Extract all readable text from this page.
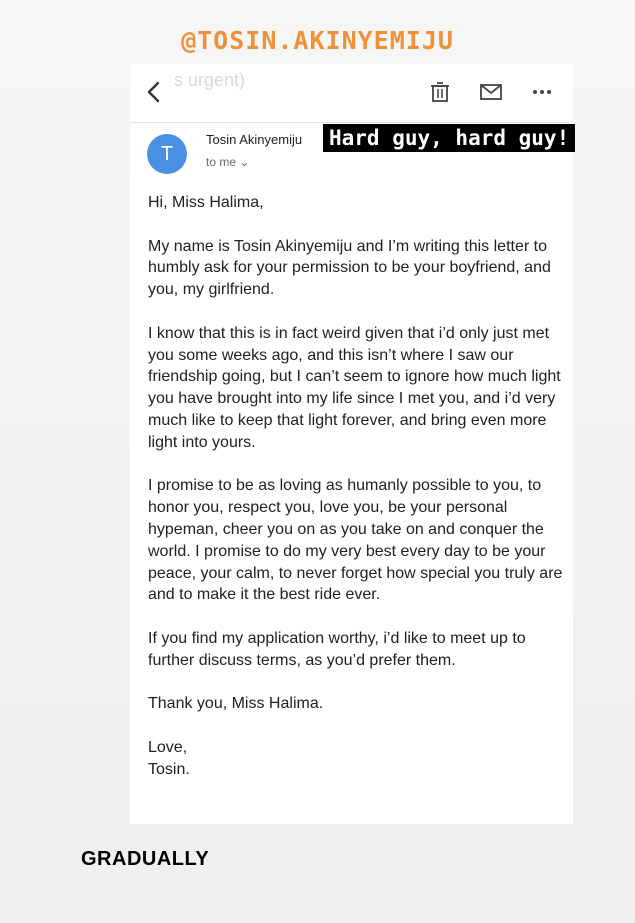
@TOSIN.AKINYEMIJU
s urgent)
T
Tosin Akinyemiju
to me ⌄

Hi, Miss Halima,

My name is Tosin Akinyemiju and I’m writing this letter to humbly ask for your permission to be your boyfriend, and you, my girlfriend.

I know that this is in fact weird given that i’d only just met you some weeks ago, and this isn’t where I saw our friendship going, but I can’t seem to ignore how much light you have brought into my life since I met you, and i’d very much like to keep that light forever, and bring even more light into yours.

I promise to be as loving as humanly possible to you, to honor you, respect you, love you, be your personal hypeman, cheer you on as you take on and conquer the world. I promise to do my very best every day to be your peace, your calm, to never forget how special you truly are and to make it the best ride ever.

If you find my application worthy, i’d like to meet up to further discuss terms, as you’d prefer them.

Thank you, Miss Halima.

Love,
Tosin.
Hard guy, hard guy!
GRADUALLY
